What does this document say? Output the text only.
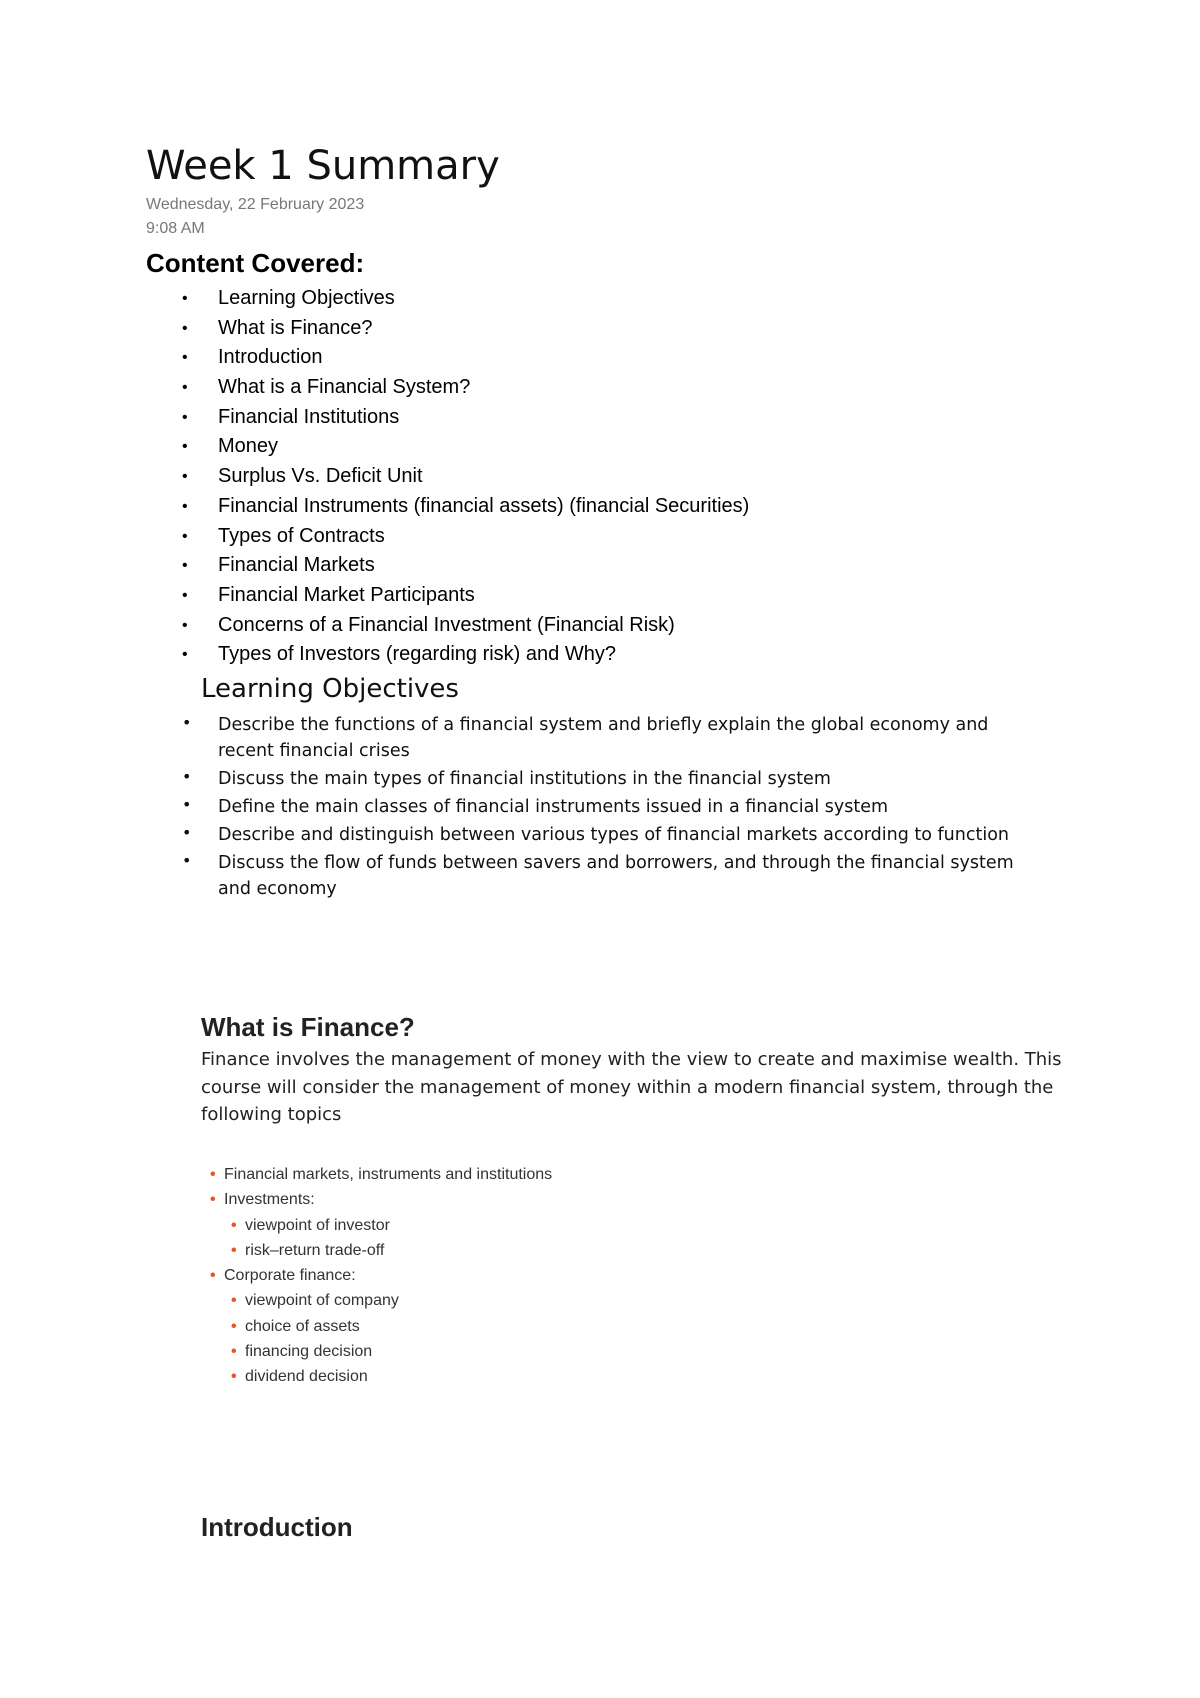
Week 1 Summary
Wednesday, 22 February 2023
9:08 AM
Content Covered:
• Learning Objectives
• What is Finance?
• Introduction
• What is a Financial System?
• Financial Institutions
• Money
• Surplus Vs. Deficit Unit
• Financial Instruments (financial assets) (financial Securities)
• Types of Contracts
• Financial Markets
• Financial Market Participants
• Concerns of a Financial Investment (Financial Risk)
• Types of Investors (regarding risk) and Why?
Learning Objectives
• Describe the functions of a financial system and briefly explain the global economy and recent financial crises
• Discuss the main types of financial institutions in the financial system
• Define the main classes of financial instruments issued in a financial system
• Describe and distinguish between various types of financial markets according to function
• Discuss the flow of funds between savers and borrowers, and through the financial system and economy
What is Finance?
Finance involves the management of money with the view to create and maximise wealth. This course will consider the management of money within a modern financial system, through the following topics
• Financial markets, instruments and institutions
• Investments:
• viewpoint of investor
• risk–return trade-off
• Corporate finance:
• viewpoint of company
• choice of assets
• financing decision
• dividend decision
Introduction
